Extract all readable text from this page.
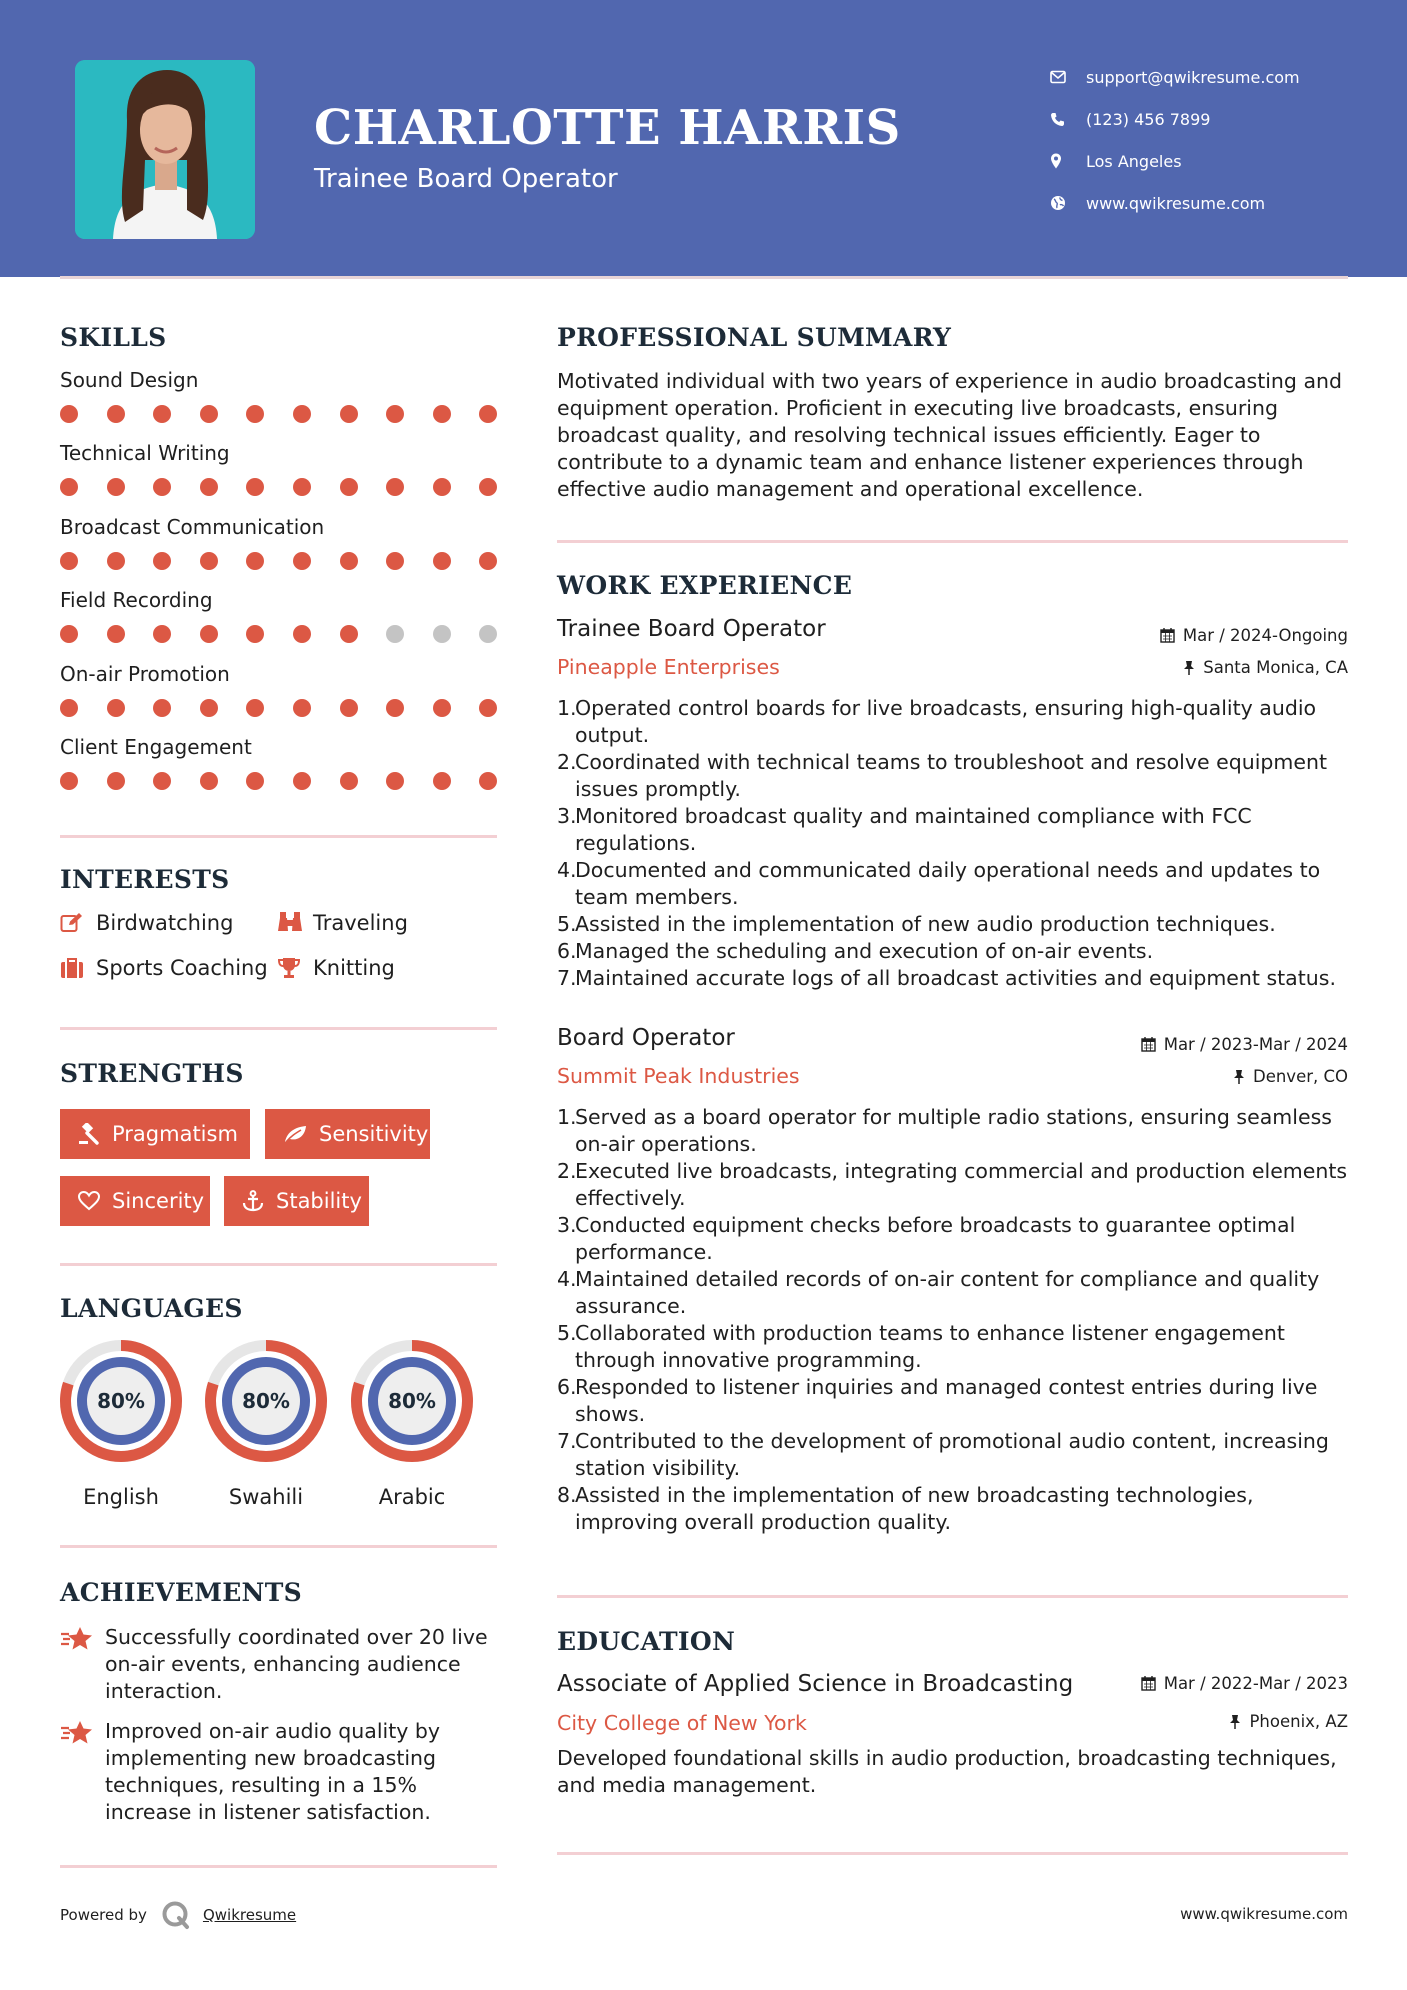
CHARLOTTE HARRIS
Trainee Board Operator
support@qwikresume.com
(123) 456 7899
Los Angeles
www.qwikresume.com
SKILLS
Sound Design
Technical Writing
Broadcast Communication
Field Recording
On-air Promotion
Client Engagement
INTERESTS
Birdwatching	Traveling
Sports Coaching Knitting
STRENGTHS
Pragmatism	Sensitivity
Sincerity	Stability
LANGUAGES
80%
English
80%
Swahili
80%
Arabic
ACHIEVEMENTS
Successfully coordinated over 20 live on-air events, enhancing audience interaction.
Improved on-air audio quality by implementing new broadcasting techniques, resulting in a 15% increase in listener satisfaction.
PROFESSIONAL SUMMARY
Motivated individual with two years of experience in audio broadcasting and equipment operation. Proficient in executing live broadcasts, ensuring broadcast quality, and resolving technical issues efficiently. Eager to contribute to a dynamic team and enhance listener experiences through effective audio management and operational excellence.
WORK EXPERIENCE
Trainee Board Operator	Mar / 2024-Ongoing
Pineapple Enterprises	Santa Monica, CA
1.
Operated control boards for live broadcasts, ensuring high-quality audio output.
2.
Coordinated with technical teams to troubleshoot and resolve equipment issues promptly.
3.
Monitored broadcast quality and maintained compliance with FCC regulations.
4.
Documented and communicated daily operational needs and updates to team members.
5.
Assisted in the implementation of new audio production techniques.
6.
Managed the scheduling and execution of on-air events.
7.
Maintained accurate logs of all broadcast activities and equipment status.
Board Operator	Mar / 2023-Mar / 2024
Summit Peak Industries	Denver, CO
1.
Served as a board operator for multiple radio stations, ensuring seamless on-air operations.
2.
Executed live broadcasts, integrating commercial and production elements effectively.
3.
Conducted equipment checks before broadcasts to guarantee optimal performance.
4.
Maintained detailed records of on-air content for compliance and quality assurance.
5.
Collaborated with production teams to enhance listener engagement through innovative programming.
6.
Responded to listener inquiries and managed contest entries during live shows.
7.
Contributed to the development of promotional audio content, increasing station visibility.
8.
Assisted in the implementation of new broadcasting technologies, improving overall production quality.
EDUCATION
Associate of Applied Science in Broadcasting	Mar / 2022-Mar / 2023
City College of New York	Phoenix, AZ
Developed foundational skills in audio production, broadcasting techniques, and media management.
Powered by	Qwikresume	www.qwikresume.com
